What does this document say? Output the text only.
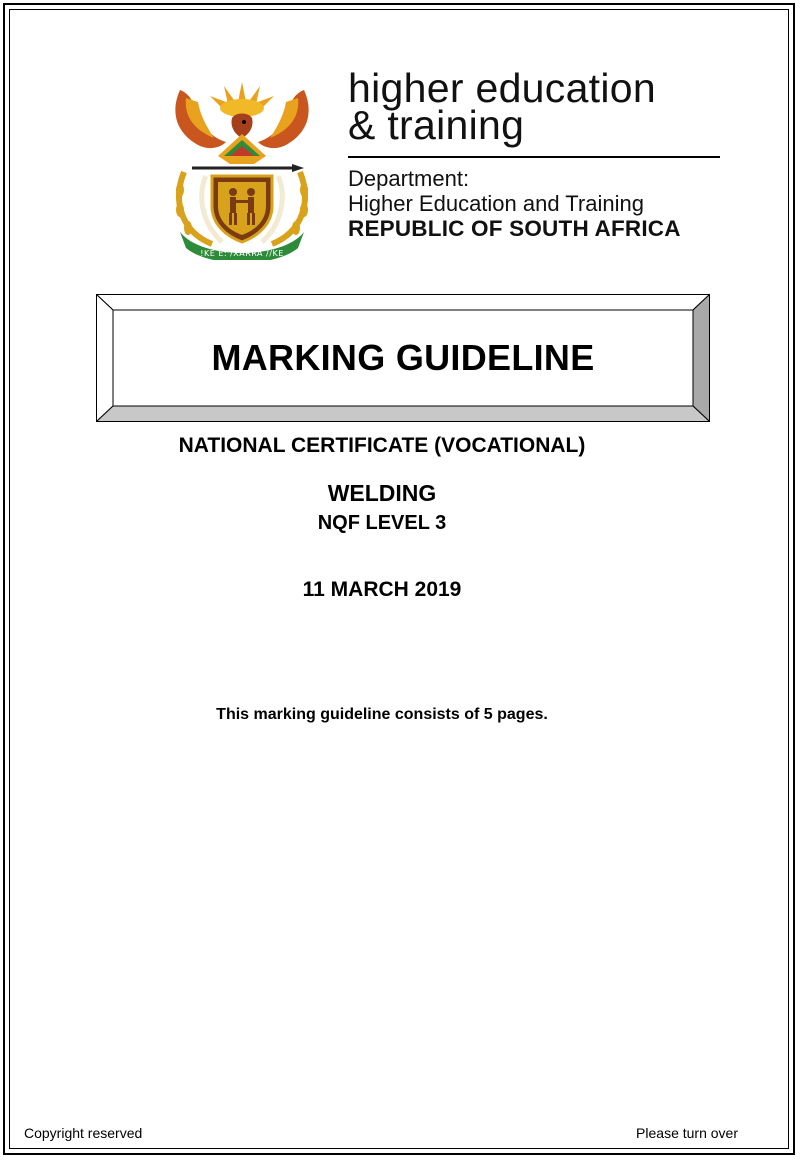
!KE E: /XARRA //KE
higher education
& training
Department:
Higher Education and Training
REPUBLIC OF SOUTH AFRICA
MARKING GUIDELINE
NATIONAL CERTIFICATE (VOCATIONAL)
WELDING
NQF LEVEL 3
11 MARCH 2019
This marking guideline consists of 5 pages.
Copyright reserved	Please turn over
